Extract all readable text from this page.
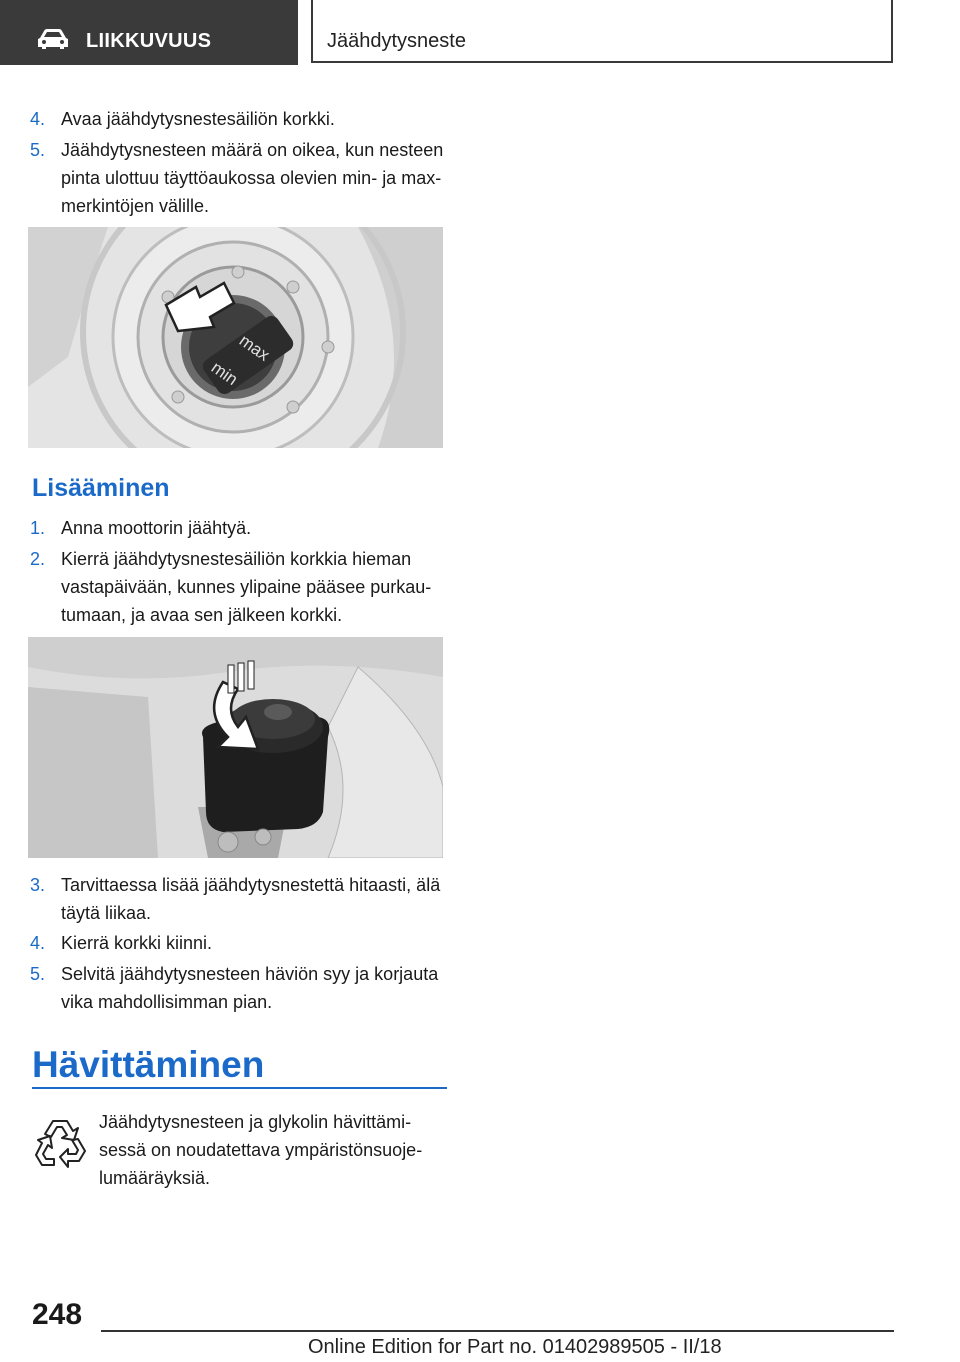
LIIKKUVUUS	Jäähdytysneste
4. Avaa jäähdytysnestesäiliön korkki.
5. Jäähdytysnesteen määrä on oikea, kun nesteen pinta ulottuu täyttöaukossa olevien min- ja max-merkintöjen välille.
max
min
Lisääminen
1. Anna moottorin jäähtyä.
2. Kierrä jäähdytysnestesäiliön korkkia hieman vastapäivään, kunnes ylipaine pääsee purkautumaan, ja avaa sen jälkeen korkki.
3. Tarvittaessa lisää jäähdytysnestettä hitaasti, älä täytä liikaa.
4. Kierrä korkki kiinni.
5. Selvitä jäähdytysnesteen häviön syy ja korjauta vika mahdollisimman pian.
Hävittäminen
Jäähdytysnesteen ja glykolin hävittämisessä on noudatettava ympäristönsuojelumääräyksiä.
248
Online Edition for Part no. 01402989505 - II/18
